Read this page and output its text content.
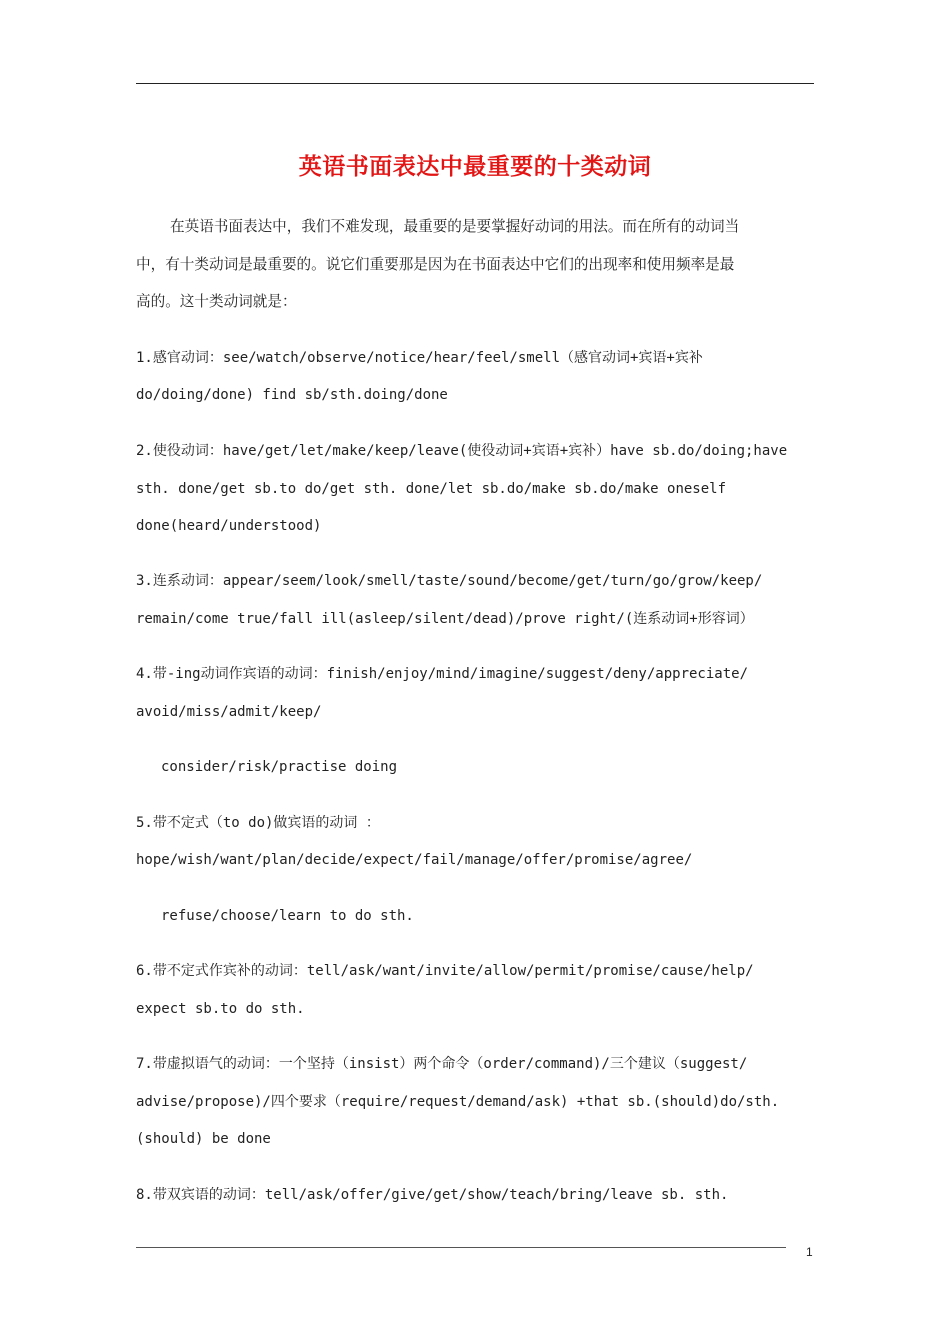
英语书面表达中最重要的十类动词
在英语书面表达中，我们不难发现，最重要的是要掌握好动词的用法。而在所有的动词当
中，有十类动词是最重要的。说它们重要那是因为在书面表达中它们的出现率和使用频率是最
高的。这十类动词就是：
1.感官动词：see/watch/observe/notice/hear/feel/smell（感官动词+宾语+宾补
do/doing/done) find sb/sth.doing/done
2.使役动词：have/get/let/make/keep/leave(使役动词+宾语+宾补）have sb.do/doing;have
sth. done/get sb.to do/get sth. done/let sb.do/make sb.do/make oneself
done(heard/understood)
3.连系动词：appear/seem/look/smell/taste/sound/become/get/turn/go/grow/keep/
remain/come true/fall ill(asleep/silent/dead)/prove right/(连系动词+形容词）
4.带-ing动词作宾语的动词：finish/enjoy/mind/imagine/suggest/deny/appreciate/
avoid/miss/admit/keep/
consider/risk/practise doing
5.带不定式（to do)做宾语的动词 ：
hope/wish/want/plan/decide/expect/fail/manage/offer/promise/agree/
refuse/choose/learn to do sth.
6.带不定式作宾补的动词：tell/ask/want/invite/allow/permit/promise/cause/help/
expect sb.to do sth.
7.带虚拟语气的动词：一个坚持（insist）两个命令（order/command)/三个建议（suggest/
advise/propose)/四个要求（require/request/demand/ask) +that sb.(should)do/sth.
(should) be done
8.带双宾语的动词：tell/ask/offer/give/get/show/teach/bring/leave sb. sth.
1
